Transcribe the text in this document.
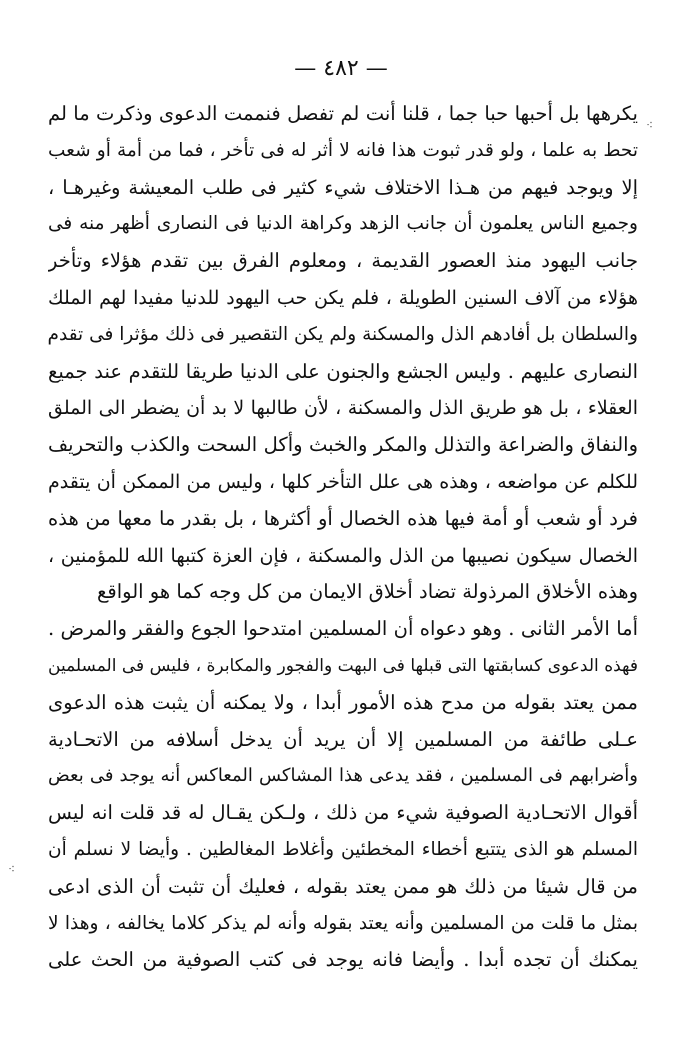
— ٤٨٢ —
⁖
⁖
يكرهها بل أحبها حبا جما ، قلنا أنت لم تفصل فنممت الدعوى وذكرت ما لم
تحط به علما ، ولو قدر ثبوت هذا فانه لا أثر له فى تأخر ، فما من أمة أو شعب
إلا ويوجد فيهم من هـذا الاختلاف شيء كثير فى طلب المعيشة وغيرهـا ،
وجميع الناس يعلمون أن جانب الزهد وكراهة الدنيا فى النصارى أظهر منه فى
جانب اليهود منذ العصور القديمة ، ومعلوم الفرق بين تقدم هؤلاء وتأخر
هؤلاء من آلاف السنين الطويلة ، فلم يكن حب اليهود للدنيا مفيدا لهم الملك
والسلطان بل أفادهم الذل والمسكنة ولم يكن التقصير فى ذلك مؤثرا فى تقدم
النصارى عليهم . وليس الجشع والجنون على الدنيا طريقا للتقدم عند جميع
العقلاء ، بل هو طريق الذل والمسكنة ، لأن طالبها لا بد أن يضطر الى الملق
والنفاق والضراعة والتذلل والمكر والخبث وأكل السحت والكذب والتحريف
للكلم عن مواضعه ، وهذه هى علل التأخر كلها ، وليس من الممكن أن يتقدم
فرد أو شعب أو أمة فيها هذه الخصال أو أكثرها ، بل بقدر ما معها من هذه
الخصال سيكون نصيبها من الذل والمسكنة ، فإن العزة كتبها الله للمؤمنين ،
وهذه الأخلاق المرذولة تضاد أخلاق الايمان من كل وجه كما هو الواقع
أما الأمر الثانى . وهو دعواه أن المسلمين امتدحوا الجوع والفقر والمرض .
فهذه الدعوى كسابقتها التى قبلها فى البهت والفجور والمكابرة ، فليس فى المسلمين
ممن يعتد بقوله من مدح هذه الأمور أبدا ، ولا يمكنه أن يثبت هذه الدعوى
عـلى طائفة من المسلمين إلا أن يريد أن يدخل أسلافه من الاتحـادية
وأضرابهم فى المسلمين ، فقد يدعى هذا المشاكس المعاكس أنه يوجد فى بعض
أقوال الاتحـادية الصوفية شيء من ذلك ، ولـكن يقـال له قد قلت انه ليس
المسلم هو الذى يتتبع أخطاء المخطئين وأغلاط المغالطين . وأيضا لا نسلم أن
من قال شيئا من ذلك هو ممن يعتد بقوله ، فعليك أن تثبت أن الذى ادعى
بمثل ما قلت من المسلمين وأنه يعتد بقوله وأنه لم يذكر كلاما يخالفه ، وهذا لا
يمكنك أن تجده أبدا . وأيضا فانه يوجد فى كتب الصوفية من الحث على
